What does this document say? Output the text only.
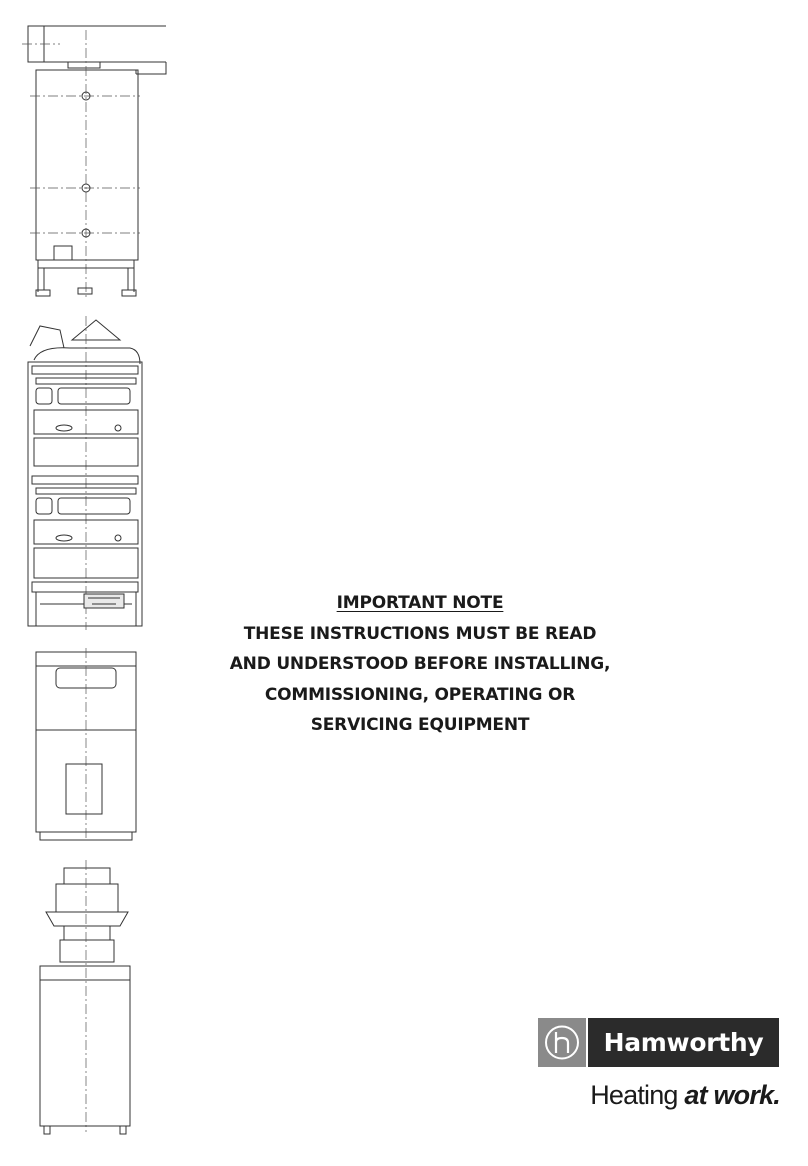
IMPORTANT NOTE
THESE INSTRUCTIONS MUST BE READ
AND UNDERSTOOD BEFORE INSTALLING,
COMMISSIONING, OPERATING OR
SERVICING EQUIPMENT
Hamworthy
Heating at work.
